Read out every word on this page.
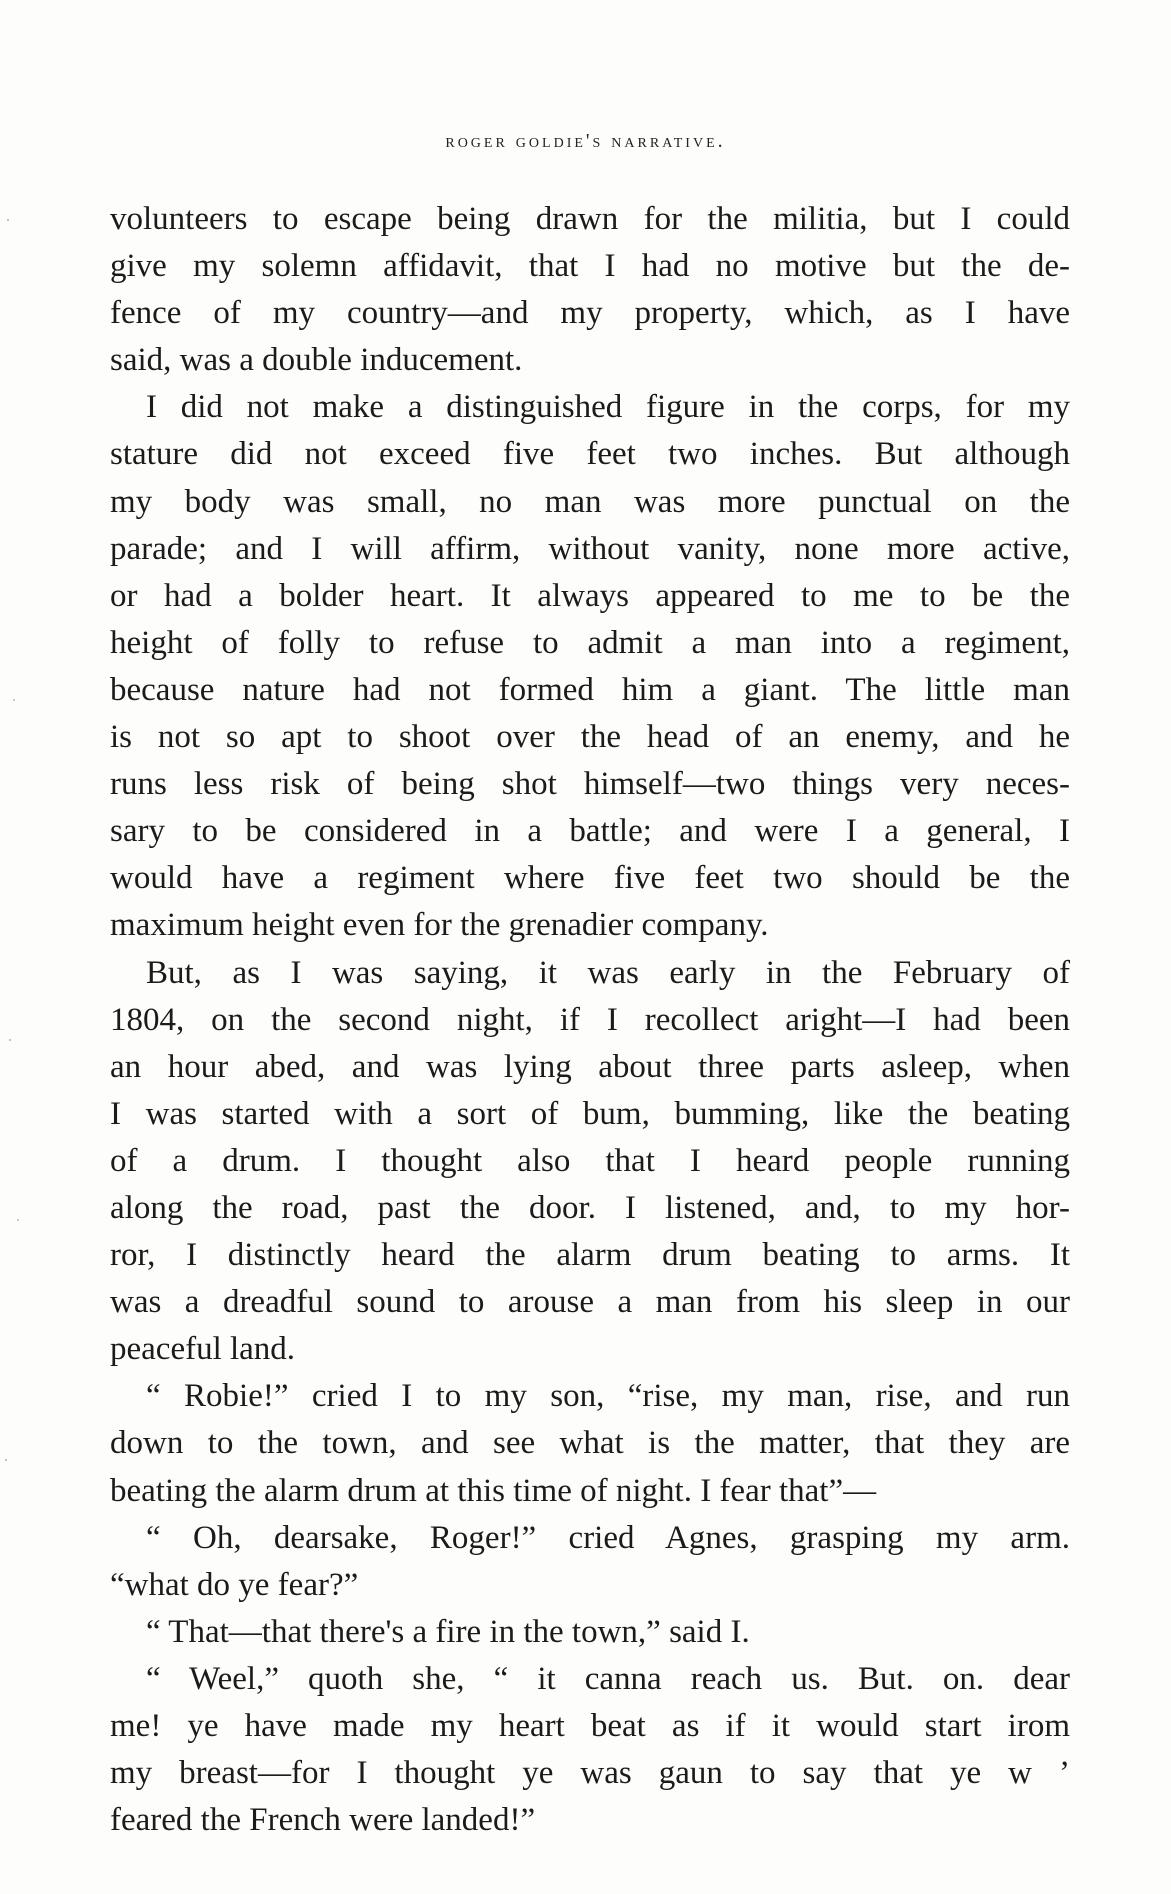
roger goldie's narrative.
volunteers to escape being drawn for the militia, but I could
give my solemn affidavit, that I had no motive but the de-
fence of my country—and my property, which, as I have
said, was a double inducement.
I did not make a distinguished figure in the corps, for my
stature did not exceed five feet two inches. But although
my body was small, no man was more punctual on the
parade; and I will affirm, without vanity, none more active,
or had a bolder heart. It always appeared to me to be the
height of folly to refuse to admit a man into a regiment,
because nature had not formed him a giant. The little man
is not so apt to shoot over the head of an enemy, and he
runs less risk of being shot himself—two things very neces-
sary to be considered in a battle; and were I a general, I
would have a regiment where five feet two should be the
maximum height even for the grenadier company.
But, as I was saying, it was early in the February of
1804, on the second night, if I recollect aright—I had been
an hour abed, and was lying about three parts asleep, when
I was started with a sort of bum, bumming, like the beating
of a drum. I thought also that I heard people running
along the road, past the door. I listened, and, to my hor-
ror, I distinctly heard the alarm drum beating to arms. It
was a dreadful sound to arouse a man from his sleep in our
peaceful land.
“ Robie!” cried I to my son, “rise, my man, rise, and run
down to the town, and see what is the matter, that they are
beating the alarm drum at this time of night. I fear that”—
“ Oh, dearsake, Roger!” cried Agnes, grasping my arm.
“what do ye fear?”
“ That—that there's a fire in the town,” said I.
“ Weel,” quoth she, “ it canna reach us. But. on. dear
me! ye have made my heart beat as if it would start irom
my breast—for I thought ye was gaun to say that ye w ’
feared the French were landed!”
